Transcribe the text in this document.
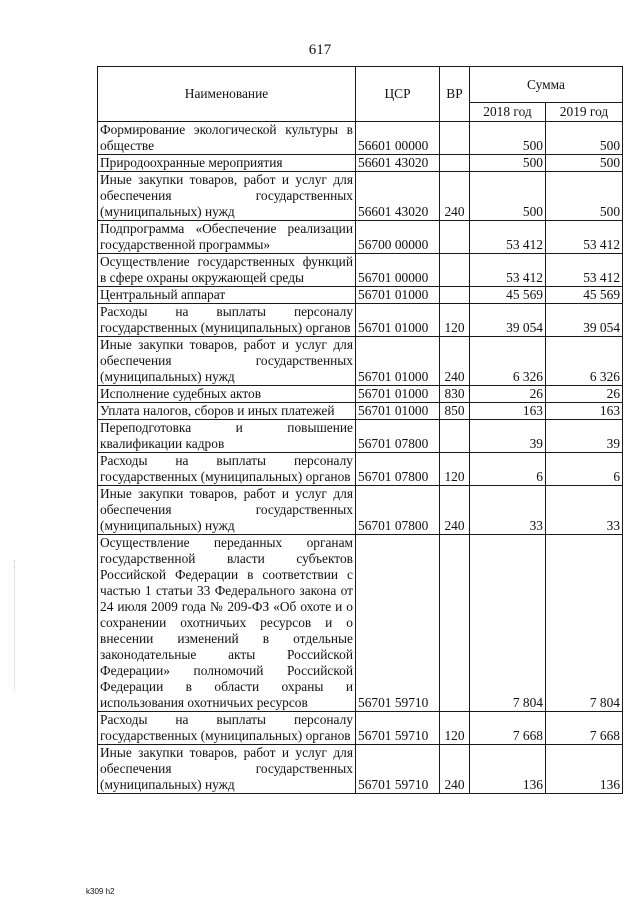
617
Наименование	ЦСР	ВР	Сумма	
			2018 год	2019 год
Формирование экологической культуры в обществе	56601 00000		500	500
Природоохранные мероприятия	56601 43020		500	500
Иные закупки товаров, работ и услуг для обеспечения государственных (муниципальных) нужд	56601 43020	240	500	500
Подпрограмма «Обеспечение реализации государственной программы»	56700 00000		53 412	53 412
Осуществление государственных функций в сфере охраны окружающей среды	56701 00000		53 412	53 412
Центральный аппарат	56701 01000		45 569	45 569
Расходы на выплаты персоналу государственных (муниципальных) органов	56701 01000	120	39 054	39 054
Иные закупки товаров, работ и услуг для обеспечения государственных (муниципальных) нужд	56701 01000	240	6 326	6 326
Исполнение судебных актов	56701 01000	830	26	26
Уплата налогов, сборов и иных платежей	56701 01000	850	163	163
Переподготовка и повышение квалификации кадров	56701 07800		39	39
Расходы на выплаты персоналу государственных (муниципальных) органов	56701 07800	120	6	6
Иные закупки товаров, работ и услуг для обеспечения государственных (муниципальных) нужд	56701 07800	240	33	33
Осуществление переданных органам государственной власти субъектов Российской Федерации в соответствии с частью 1 статьи 33 Федерального закона от 24 июля 2009 года № 209-ФЗ «Об охоте и о сохранении охотничьих ресурсов и о внесении изменений в отдельные законодательные акты Российской Федерации» полномочий Российской Федерации в области охраны и использования охотничьих ресурсов	56701 59710		7 804	7 804
Расходы на выплаты персоналу государственных (муниципальных) органов	56701 59710	120	7 668	7 668
Иные закупки товаров, работ и услуг для обеспечения государственных (муниципальных) нужд	56701 59710	240	136	136
k309 h2
